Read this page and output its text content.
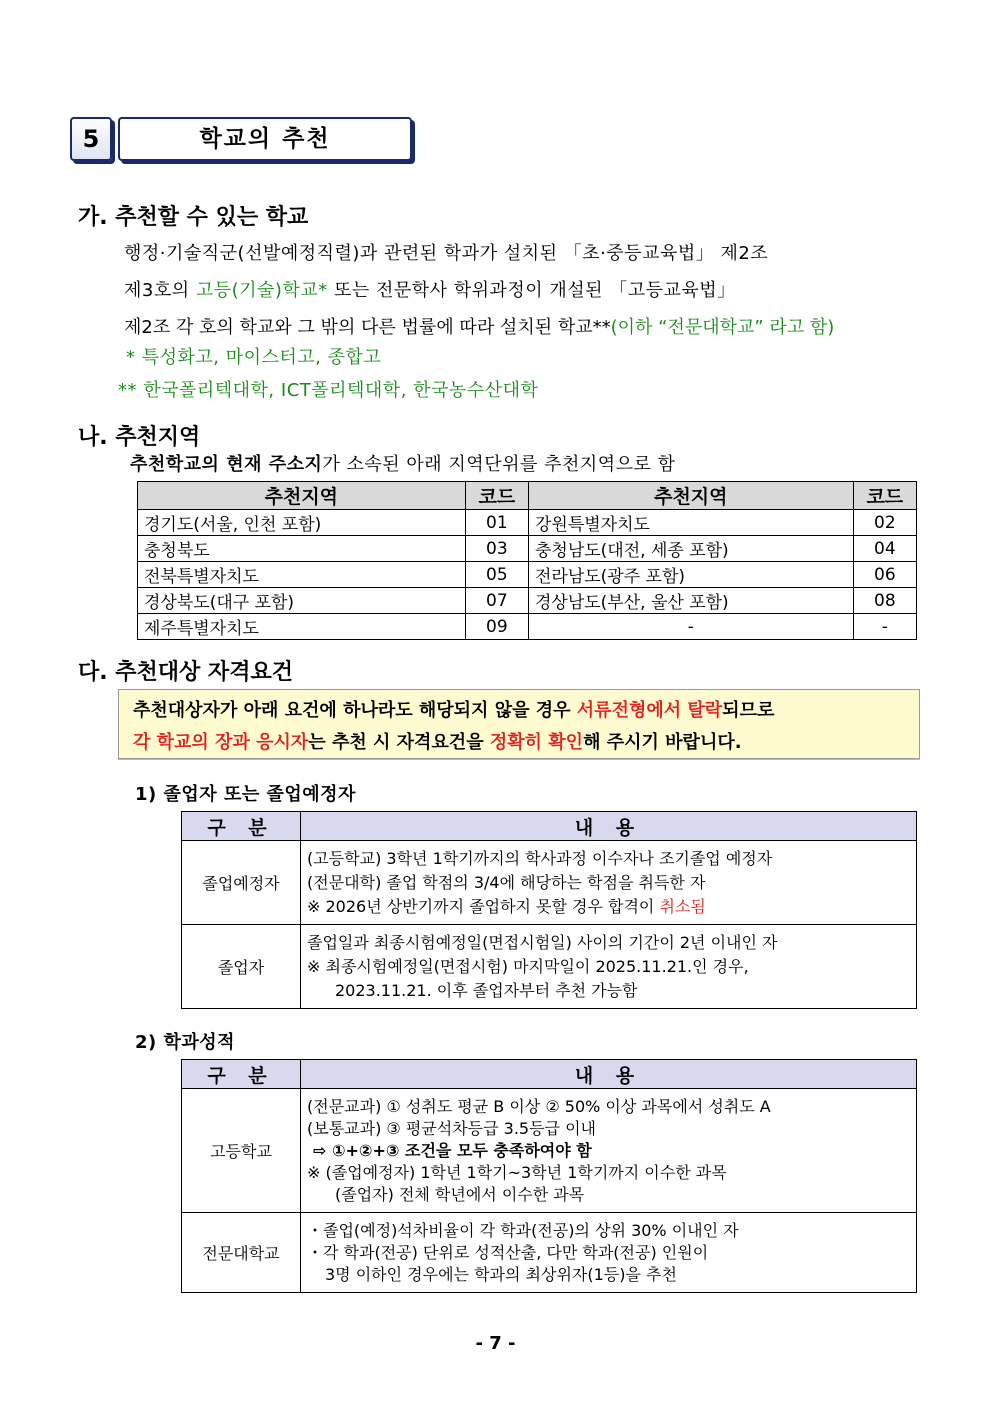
5	학교의 추천
가. 추천할 수 있는 학교
행정·기술직군(선발예정직렬)과 관련된 학과가 설치된 「초·중등교육법」 제2조
제3호의 고등(기술)학교* 또는 전문학사 학위과정이 개설된 「고등교육법」
제2조 각 호의 학교와 그 밖의 다른 법률에 따라 설치된 학교**(이하 “전문대학교” 라고 함)
* 특성화고, 마이스터고, 종합고
** 한국폴리텍대학, ICT폴리텍대학, 한국농수산대학
나. 추천지역
추천학교의 현재 주소지가 소속된 아래 지역단위를 추천지역으로 함
추천지역	코드	추천지역	코드
경기도(서울, 인천 포함)	01	강원특별자치도	02
충청북도	03	충청남도(대전, 세종 포함)	04
전북특별자치도	05	전라남도(광주 포함)	06
경상북도(대구 포함)	07	경상남도(부산, 울산 포함)	08
제주특별자치도	09	-	-
다. 추천대상 자격요건
추천대상자가 아래 요건에 하나라도 해당되지 않을 경우 서류전형에서 탈락되므로
각 학교의 장과 응시자는 추천 시 자격요건을 정확히 확인해 주시기 바랍니다.
1) 졸업자 또는 졸업예정자
구 분	내 용
졸업예정자	(고등학교) 3학년 1학기까지의 학사과정 이수자나 조기졸업 예정자
(전문대학) 졸업 학점의 3/4에 해당하는 학점을 취득한 자
※ 2026년 상반기까지 졸업하지 못할 경우 합격이 취소됨

졸업자	졸업일과 최종시험예정일(면접시험일) 사이의 기간이 2년 이내인 자
※ 최종시험예정일(면접시험) 마지막일이 2025.11.21.인 경우,
2023.11.21. 이후 졸업자부터 추천 가능함
2) 학과성적
구 분	내 용
고등학교	(전문교과) ① 성취도 평균 B 이상 ② 50% 이상 과목에서 성취도 A
(보통교과) ③ 평균석차등급 3.5등급 이내
⇨ ①+②+③ 조건을 모두 충족하여야 함
※ (졸업예정자) 1학년 1학기~3학년 1학기까지 이수한 과목
(졸업자) 전체 학년에서 이수한 과목

전문대학교	・졸업(예정)석차비율이 각 학과(전공)의 상위 30% 이내인 자
・각 학과(전공) 단위로 성적산출, 다만 학과(전공) 인원이
3명 이하인 경우에는 학과의 최상위자(1등)을 추천
- 7 -
